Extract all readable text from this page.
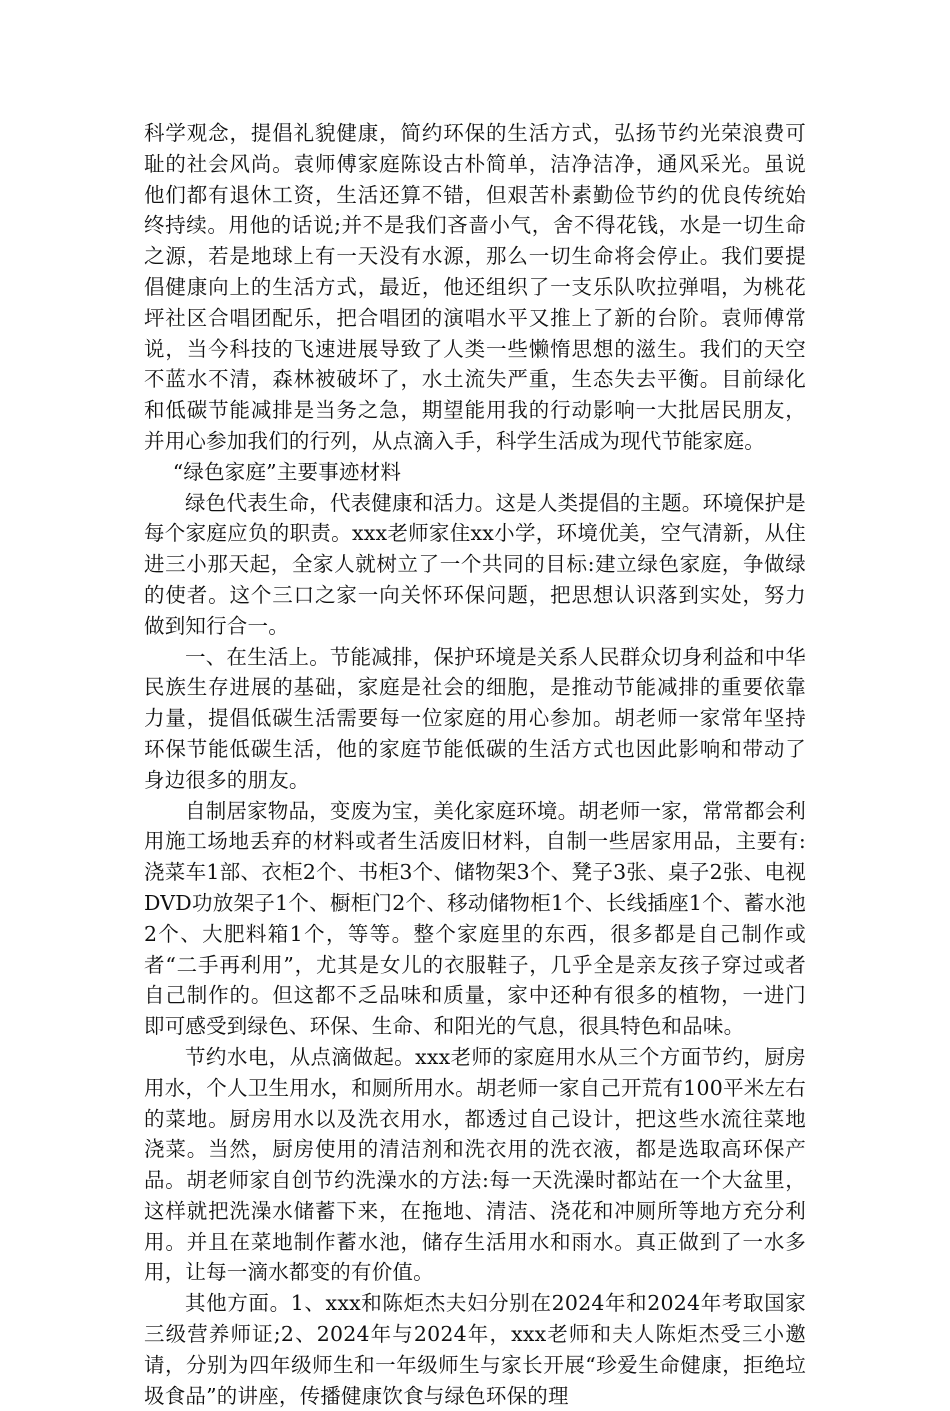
科学观念，提倡礼貌健康，简约环保的生活方式，弘扬节约光荣浪费可耻的社会风尚。袁师傅家庭陈设古朴简单，洁净洁净，通风采光。虽说他们都有退休工资，生活还算不错，但艰苦朴素勤俭节约的优良传统始终持续。用他的话说;并不是我们吝啬小气，舍不得花钱，水是一切生命之源，若是地球上有一天没有水源，那么一切生命将会停止。我们要提倡健康向上的生活方式，最近，他还组织了一支乐队吹拉弹唱，为桃花坪社区合唱团配乐，把合唱团的演唱水平又推上了新的台阶。袁师傅常说，当今科技的飞速进展导致了人类一些懒惰思想的滋生。我们的天空不蓝水不清，森林被破坏了，水土流失严重，生态失去平衡。目前绿化和低碳节能减排是当务之急，期望能用我的行动影响一大批居民朋友，并用心参加我们的行列，从点滴入手，科学生活成为现代节能家庭。

“绿色家庭”主要事迹材料

绿色代表生命，代表健康和活力。这是人类提倡的主题。环境保护是每个家庭应负的职责。xxx老师家住xx小学，环境优美，空气清新，从住进三小那天起，全家人就树立了一个共同的目标:建立绿色家庭，争做绿的使者。这个三口之家一向关怀环保问题，把思想认识落到实处，努力做到知行合一。

一、在生活上。节能减排，保护环境是关系人民群众切身利益和中华民族生存进展的基础，家庭是社会的细胞，是推动节能减排的重要依靠力量，提倡低碳生活需要每一位家庭的用心参加。胡老师一家常年坚持环保节能低碳生活，他的家庭节能低碳的生活方式也因此影响和带动了身边很多的朋友。

自制居家物品，变废为宝，美化家庭环境。胡老师一家，常常都会利用施工场地丢弃的材料或者生活废旧材料，自制一些居家用品，主要有:浇菜车1部、衣柜2个、书柜3个、储物架3个、凳子3张、桌子2张、电视DVD功放架子1个、橱柜门2个、移动储物柜1个、长线插座1个、蓄水池2个、大肥料箱1个，等等。整个家庭里的东西，很多都是自己制作或者“二手再利用”，尤其是女儿的衣服鞋子，几乎全是亲友孩子穿过或者自己制作的。但这都不乏品味和质量，家中还种有很多的植物，一进门即可感受到绿色、环保、生命、和阳光的气息，很具特色和品味。

节约水电，从点滴做起。xxx老师的家庭用水从三个方面节约，厨房用水，个人卫生用水，和厕所用水。胡老师一家自己开荒有100平米左右的菜地。厨房用水以及洗衣用水，都透过自己设计，把这些水流往菜地浇菜。当然，厨房使用的清洁剂和洗衣用的洗衣液，都是选取高环保产品。胡老师家自创节约洗澡水的方法:每一天洗澡时都站在一个大盆里，这样就把洗澡水储蓄下来，在拖地、清洁、浇花和冲厕所等地方充分利用。并且在菜地制作蓄水池，储存生活用水和雨水。真正做到了一水多用，让每一滴水都变的有价值。

其他方面。1、xxx和陈炬杰夫妇分别在2024年和2024年考取国家三级营养师证;2、2024年与2024年，xxx老师和夫人陈炬杰受三小邀请，分别为四年级师生和一年级师生与家长开展“珍爱生命健康，拒绝垃圾食品”的讲座，传播健康饮食与绿色环保的理
